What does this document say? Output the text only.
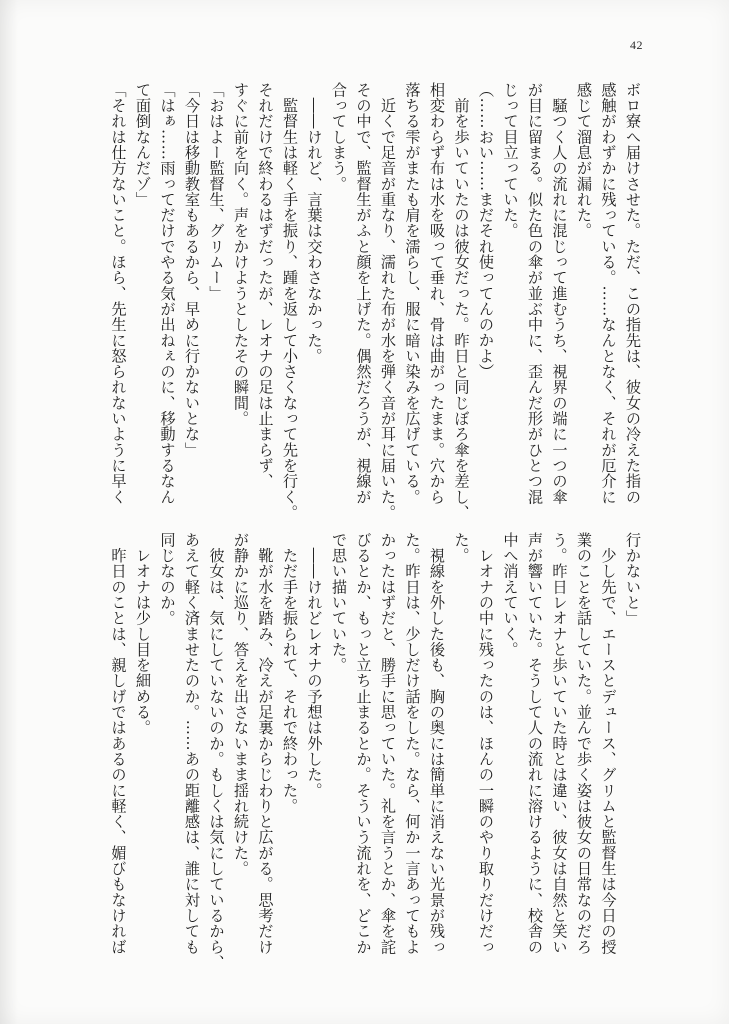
42
ボロ寮へ届けさせた。ただ、この指先は、彼女の冷えた指の
感触がわずかに残っている。……なんとなく、それが厄介に
感じて溜息が漏れた。
　騒つく人の流れに混じって進むうち、視界の端に一つの傘
が目に留まる。似た色の傘が並ぶ中に、歪んだ形がひとつ混
じって目立っていた。
（……おい……まだそれ使ってんのかよ）
　前を歩いていたのは彼女だった。昨日と同じぼろ傘を差し、
相変わらず布は水を吸って垂れ、骨は曲がったまま。穴から
落ちる雫がまたも肩を濡らし、服に暗い染みを広げている。
　近くで足音が重なり、濡れた布が水を弾く音が耳に届いた。
その中で、監督生がふと顔を上げた。偶然だろうが、視線が
合ってしまう。
　――けれど、言葉は交わさなかった。
　監督生は軽く手を振り、踵を返して小さくなって先を行く。
それだけで終わるはずだったが、レオナの足は止まらず、
すぐに前を向く。声をかけようとしたその瞬間。
「おはよー監督生、グリムー」
「今日は移動教室もあるから、早めに行かないとな」
「はぁ……雨ってだけでやる気が出ねぇのに、移動するなん
て面倒なんだゾ」
「それは仕方ないこと。ほら、先生に怒られないように早く
行かないと」
　少し先で、エースとデュース、グリムと監督生は今日の授
業のことを話していた。並んで歩く姿は彼女の日常なのだろ
う。昨日レオナと歩いていた時とは違い、彼女は自然と笑い
声が響いていた。そうして人の流れに溶けるように、校舎の
中へ消えていく。
　レオナの中に残ったのは、ほんの一瞬のやり取りだけだっ
た。
　視線を外した後も、胸の奥には簡単に消えない光景が残っ
た。昨日は、少しだけ話をした。なら、何か一言あってもよ
かったはずだと、勝手に思っていた。礼を言うとか、傘を詫
びるとか、もっと立ち止まるとか。そういう流れを、どこか
で思い描いていた。
　――けれどレオナの予想は外した。
　ただ手を振られて、それで終わった。
　靴が水を踏み、冷えが足裏からじわりと広がる。思考だけ
が静かに巡り、答えを出さないまま揺れ続けた。
　彼女は、気にしていないのか。もしくは気にしているから、
あえて軽く済ませたのか。……あの距離感は、誰に対しても
同じなのか。
　レオナは少し目を細める。
　昨日のことは、親しげではあるのに軽く、媚びもなければ
